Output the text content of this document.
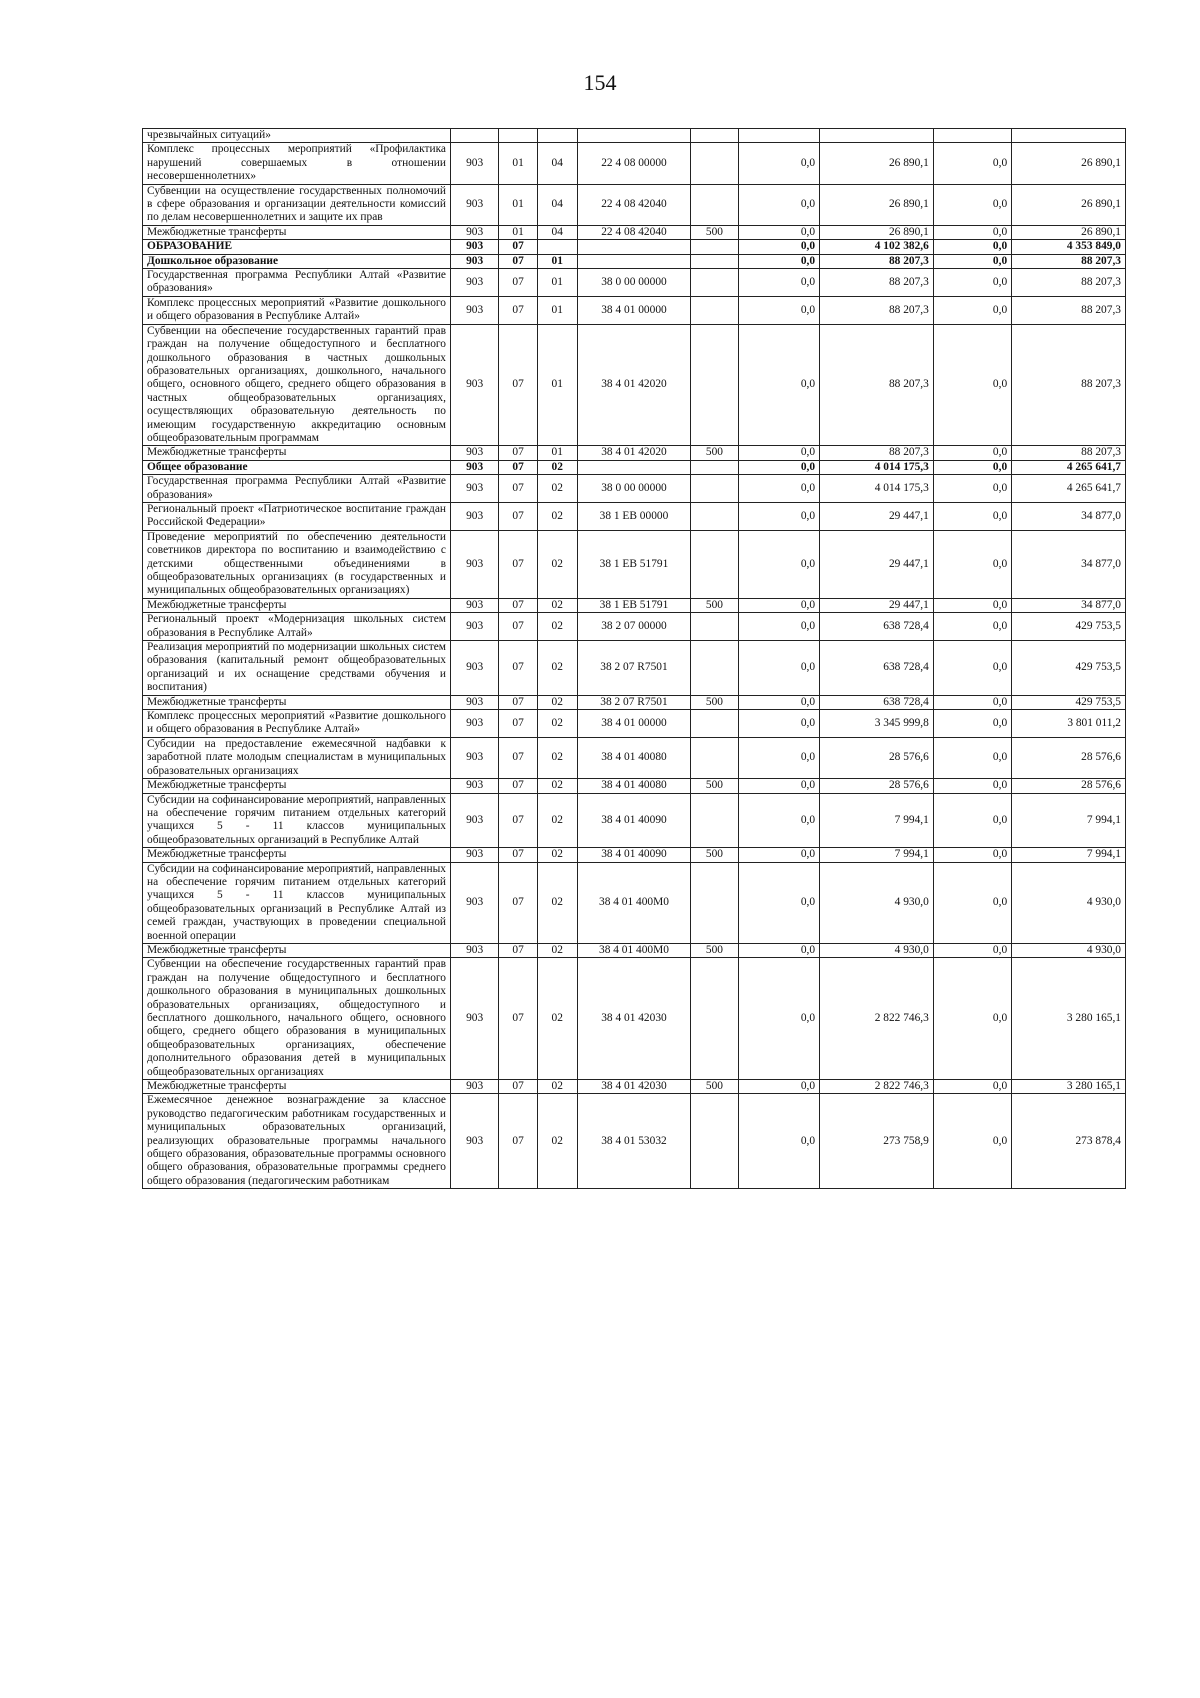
154
чрезвычайных ситуаций»									
Комплекс процессных мероприятий «Профилактика нарушений совершаемых в отношении несовершеннолетних»	903	01	04	22 4 08 00000		0,0	26 890,1	0,0	26 890,1
Субвенции на осуществление государственных полномочий в сфере образования и организации деятельности комиссий по делам несовершеннолетних и защите их прав	903	01	04	22 4 08 42040		0,0	26 890,1	0,0	26 890,1
Межбюджетные трансферты	903	01	04	22 4 08 42040	500	0,0	26 890,1	0,0	26 890,1
ОБРАЗОВАНИЕ	903	07				0,0	4 102 382,6	0,0	4 353 849,0
Дошкольное образование	903	07	01			0,0	88 207,3	0,0	88 207,3
Государственная программа Республики Алтай «Развитие образования»	903	07	01	38 0 00 00000		0,0	88 207,3	0,0	88 207,3
Комплекс процессных мероприятий «Развитие дошкольного и общего образования в Республике Алтай»	903	07	01	38 4 01 00000		0,0	88 207,3	0,0	88 207,3
Субвенции на обеспечение государственных гарантий прав граждан на получение общедоступного и бесплатного дошкольного образования в частных дошкольных образовательных организациях, дошкольного, начального общего, основного общего, среднего общего образования в частных общеобразовательных организациях, осуществляющих образовательную деятельность по имеющим государственную аккредитацию основным общеобразовательным программам	903	07	01	38 4 01 42020		0,0	88 207,3	0,0	88 207,3
Межбюджетные трансферты	903	07	01	38 4 01 42020	500	0,0	88 207,3	0,0	88 207,3
Общее образование	903	07	02			0,0	4 014 175,3	0,0	4 265 641,7
Государственная программа Республики Алтай «Развитие образования»	903	07	02	38 0 00 00000		0,0	4 014 175,3	0,0	4 265 641,7
Региональный проект «Патриотическое воспитание граждан Российской Федерации»	903	07	02	38 1 ЕВ 00000		0,0	29 447,1	0,0	34 877,0
Проведение мероприятий по обеспечению деятельности советников директора по воспитанию и взаимодействию с детскими общественными объединениями в общеобразовательных организациях (в государственных и муниципальных общеобразовательных организациях)	903	07	02	38 1 ЕВ 51791		0,0	29 447,1	0,0	34 877,0
Межбюджетные трансферты	903	07	02	38 1 ЕВ 51791	500	0,0	29 447,1	0,0	34 877,0
Региональный проект «Модернизация школьных систем образования в Республике Алтай»	903	07	02	38 2 07 00000		0,0	638 728,4	0,0	429 753,5
Реализация мероприятий по модернизации школьных систем образования (капитальный ремонт общеобразовательных организаций и их оснащение средствами обучения и воспитания)	903	07	02	38 2 07 R7501		0,0	638 728,4	0,0	429 753,5
Межбюджетные трансферты	903	07	02	38 2 07 R7501	500	0,0	638 728,4	0,0	429 753,5
Комплекс процессных мероприятий «Развитие дошкольного и общего образования в Республике Алтай»	903	07	02	38 4 01 00000		0,0	3 345 999,8	0,0	3 801 011,2
Субсидии на предоставление ежемесячной надбавки к заработной плате молодым специалистам в муниципальных образовательных организациях	903	07	02	38 4 01 40080		0,0	28 576,6	0,0	28 576,6
Межбюджетные трансферты	903	07	02	38 4 01 40080	500	0,0	28 576,6	0,0	28 576,6
Субсидии на софинансирование мероприятий, направленных на обеспечение горячим питанием отдельных категорий учащихся 5 - 11 классов муниципальных общеобразовательных организаций в Республике Алтай	903	07	02	38 4 01 40090		0,0	7 994,1	0,0	7 994,1
Межбюджетные трансферты	903	07	02	38 4 01 40090	500	0,0	7 994,1	0,0	7 994,1
Субсидии на софинансирование мероприятий, направленных на обеспечение горячим питанием отдельных категорий учащихся 5 - 11 классов муниципальных общеобразовательных организаций в Республике Алтай из семей граждан, участвующих в проведении специальной военной операции	903	07	02	38 4 01 400M0		0,0	4 930,0	0,0	4 930,0
Межбюджетные трансферты	903	07	02	38 4 01 400M0	500	0,0	4 930,0	0,0	4 930,0
Субвенции на обеспечение государственных гарантий прав граждан на получение общедоступного и бесплатного дошкольного образования в муниципальных дошкольных образовательных организациях, общедоступного и бесплатного дошкольного, начального общего, основного общего, среднего общего образования в муниципальных общеобразовательных организациях, обеспечение дополнительного образования детей в муниципальных общеобразовательных организациях	903	07	02	38 4 01 42030		0,0	2 822 746,3	0,0	3 280 165,1
Межбюджетные трансферты	903	07	02	38 4 01 42030	500	0,0	2 822 746,3	0,0	3 280 165,1
Ежемесячное денежное вознаграждение за классное руководство педагогическим работникам государственных и муниципальных образовательных организаций, реализующих образовательные программы начального общего образования, образовательные программы основного общего образования, образовательные программы среднего общего образования (педагогическим работникам	903	07	02	38 4 01 53032		0,0	273 758,9	0,0	273 878,4
